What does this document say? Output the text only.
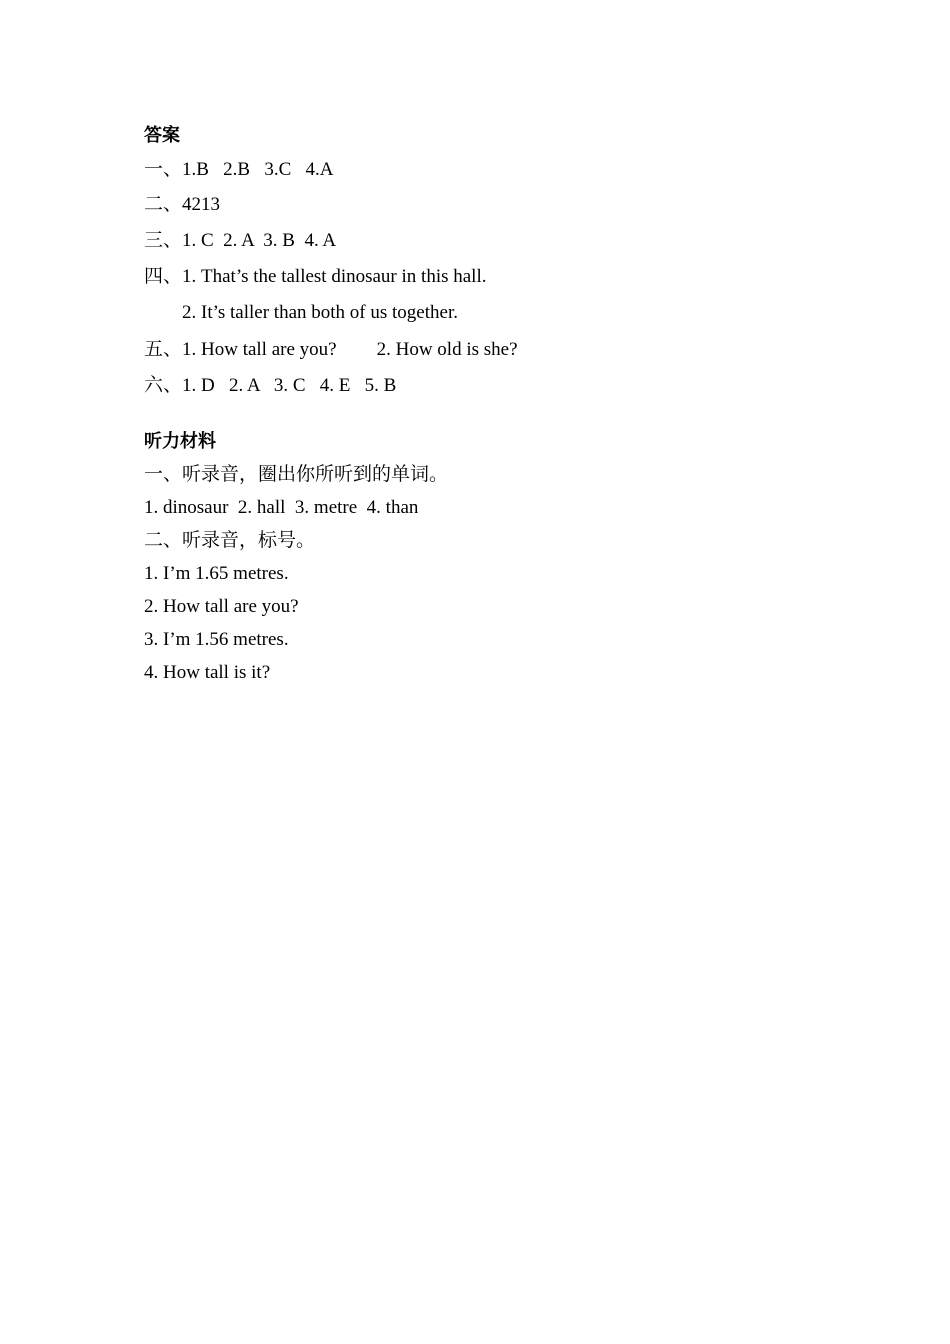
答案
一、1.B   2.B   3.C   4.A
二、4213
三、1. C  2. A  3. B  4. A
四、1. That’s the tallest dinosaur in this hall.
2. It’s taller than both of us together.
五、1. How tall are you? 2. How old is she?
六、1. D   2. A   3. C   4. E   5. B
听力材料
一、听录音，圈出你所听到的单词。
1. dinosaur  2. hall  3. metre  4. than
二、听录音，标号。
1. I’m 1.65 metres.
2. How tall are you?
3. I’m 1.56 metres.
4. How tall is it?
